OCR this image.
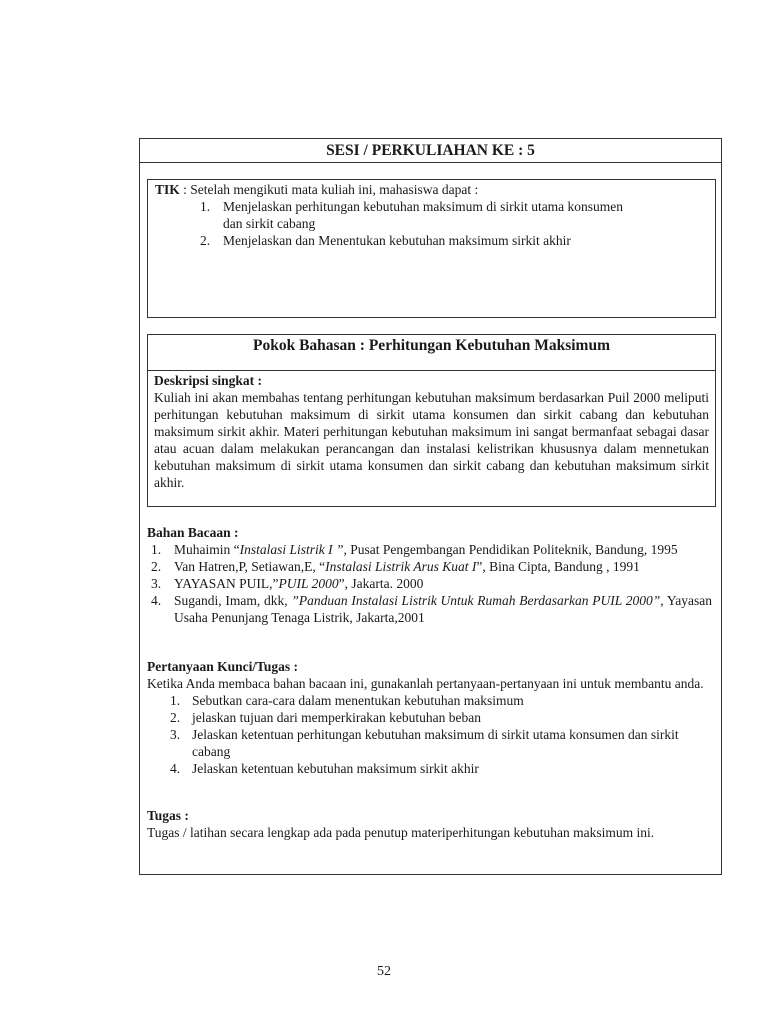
SESI / PERKULIAHAN KE : 5
TIK : Setelah mengikuti mata kuliah ini, mahasiswa dapat :
1. Menjelaskan perhitungan kebutuhan maksimum di sirkit utama konsumen dan sirkit cabang
2. Menjelaskan dan Menentukan kebutuhan maksimum sirkit akhir
Pokok Bahasan : Perhitungan Kebutuhan Maksimum
Deskripsi singkat :
Kuliah ini akan membahas tentang perhitungan kebutuhan maksimum berdasarkan Puil 2000 meliputi perhitungan kebutuhan maksimum di sirkit utama konsumen dan sirkit cabang dan kebutuhan maksimum sirkit akhir. Materi perhitungan kebutuhan maksimum ini sangat bermanfaat sebagai dasar atau acuan dalam melakukan perancangan dan instalasi kelistrikan khususnya dalam mennetukan kebutuhan maksimum di sirkit utama konsumen dan sirkit cabang dan kebutuhan maksimum sirkit akhir.
Bahan Bacaan :
1. Muhaimin “Instalasi Listrik I ”, Pusat Pengembangan Pendidikan Politeknik, Bandung, 1995
2. Van Hatren,P, Setiawan,E, “Instalasi Listrik Arus Kuat I”, Bina Cipta, Bandung , 1991
3. YAYASAN PUIL,”PUIL 2000”, Jakarta. 2000
4. Sugandi, Imam, dkk, ”Panduan Instalasi Listrik Untuk Rumah Berdasarkan PUIL 2000”, Yayasan Usaha Penunjang Tenaga Listrik, Jakarta,2001
Pertanyaan Kunci/Tugas :
Ketika Anda membaca bahan bacaan ini, gunakanlah pertanyaan-pertanyaan ini untuk membantu anda.
1. Sebutkan cara-cara dalam menentukan kebutuhan maksimum
2. jelaskan tujuan dari memperkirakan kebutuhan beban
3. Jelaskan ketentuan perhitungan kebutuhan maksimum di sirkit utama konsumen dan sirkit cabang
4. Jelaskan ketentuan kebutuhan maksimum sirkit akhir
Tugas :
Tugas / latihan secara lengkap ada pada penutup materiperhitungan kebutuhan maksimum ini.
52
